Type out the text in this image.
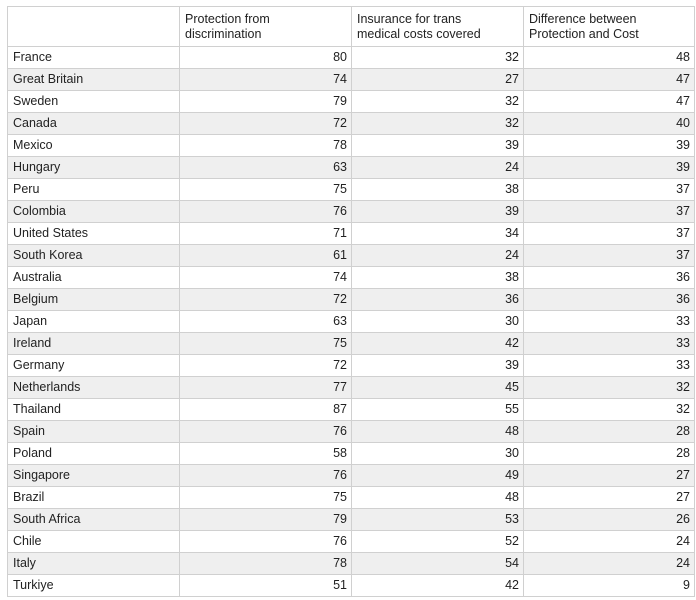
	Protection from
discrimination	Insurance for trans
medical costs covered	Difference between
Protection and Cost

France	80	32	48
Great Britain	74	27	47
Sweden	79	32	47
Canada	72	32	40
Mexico	78	39	39
Hungary	63	24	39
Peru	75	38	37
Colombia	76	39	37
United States	71	34	37
South Korea	61	24	37
Australia	74	38	36
Belgium	72	36	36
Japan	63	30	33
Ireland	75	42	33
Germany	72	39	33
Netherlands	77	45	32
Thailand	87	55	32
Spain	76	48	28
Poland	58	30	28
Singapore	76	49	27
Brazil	75	48	27
South Africa	79	53	26
Chile	76	52	24
Italy	78	54	24
Turkiye	51	42	9
